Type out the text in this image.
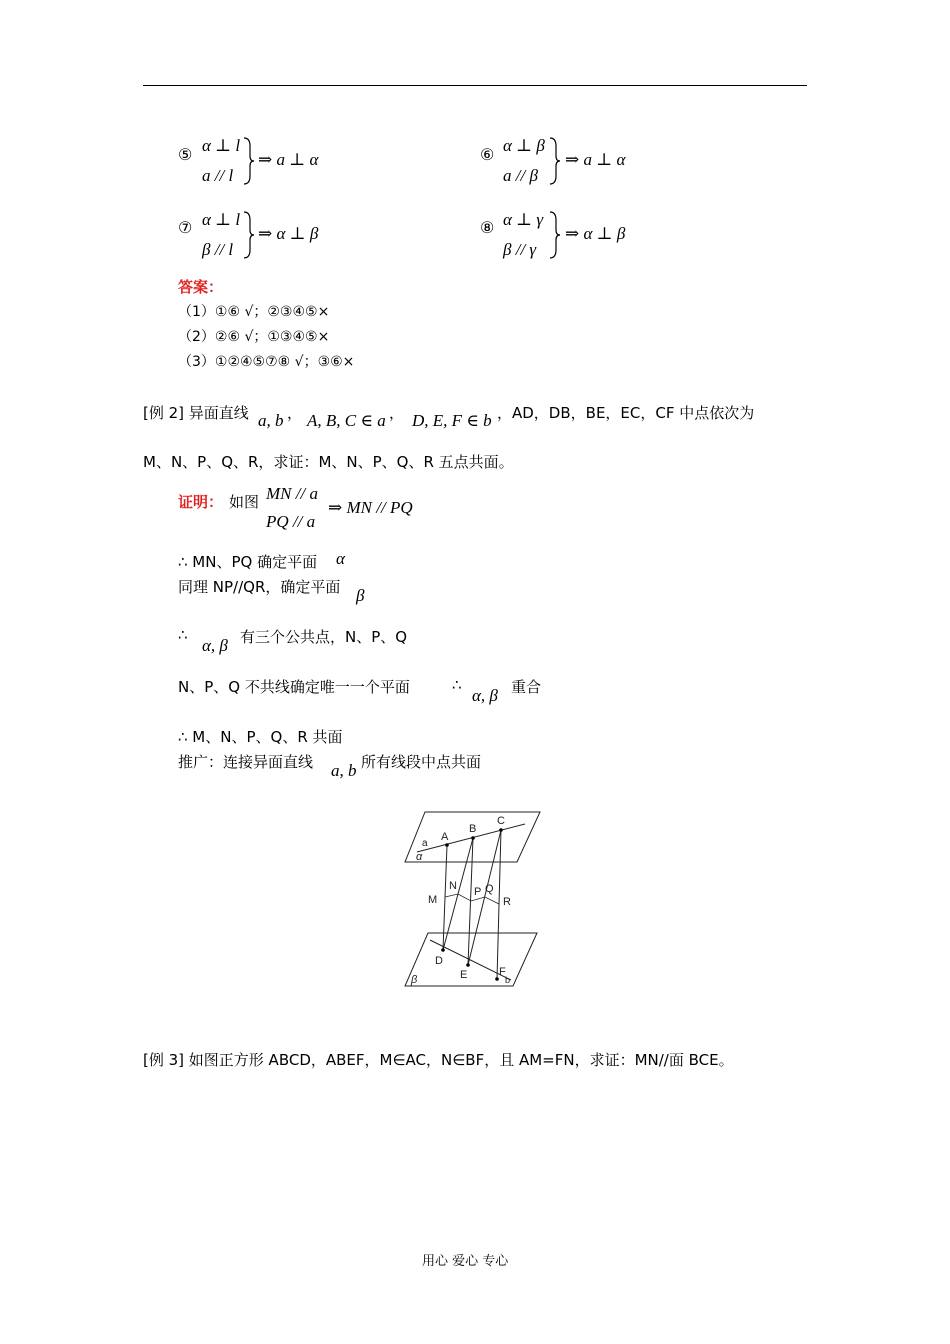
⑤
α ⊥ l
a // l
⇒ a ⊥ α	⑥
α ⊥ β
a // β
⇒ a ⊥ α
⑦ α ⊥ l
β // l
⇒ α ⊥ β	⑧ α ⊥ γ
β // γ
⇒ α ⊥ β
答案：
（1）①⑥ √；②③④⑤×
（2）②⑥ √；①③④⑤×
（3）①②④⑤⑦⑧ √；③⑥×
[例 2] 异面直线 a, b ， A, B, C ∈ a ， D, E, F ∈ b ，AD，DB，BE，EC，CF 中点依次为
M、N、P、Q、R，求证：M、N、P、Q、R 五点共面。
证明： 如图 MN // a
PQ // a
⇒ MN // PQ
∴ MN、PQ 确定平面 α
同理 NP//QR，确定平面 β
∴
α, β 有三个公共点，N、P、Q
N、P、Q 不共线确定唯一一个平面	∴
α, β 重合
∴ M、N、P、Q、R 共面
推广：连接异面直线 a, b 所有线段中点共面
A
B
C
a
α
M
N P Q
R
D
E	F
b
β
[例 3] 如图正方形 ABCD，ABEF，M∈AC，N∈BF，且 AM=FN，求证：MN//面 BCE。
用心 爱心 专心
